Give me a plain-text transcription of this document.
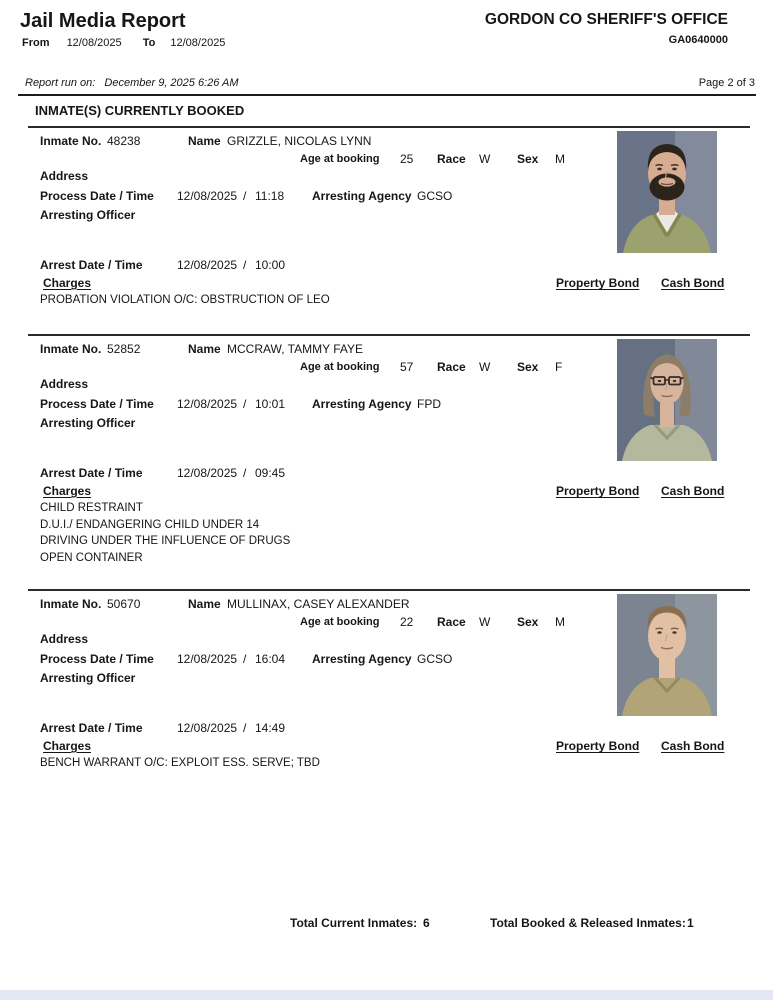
Jail Media Report
From 12/08/2025 To 12/08/2025
GORDON CO SHERIFF'S OFFICE
GA0640000
Report run on: December 9, 2025 6:26 AM	Page 2 of 3
INMATE(S) CURRENTLY BOOKED
Inmate No. 48238	Name GRIZZLE, NICOLAS LYNN
Age at booking 25 Race W Sex M
Address
Process Date / Time 12/08/2025 / 11:18 Arresting Agency GCSO
Arresting Officer
Arrest Date / Time	12/08/2025 / 10:00
Charges	Property Bond Cash Bond
PROBATION VIOLATION O/C: OBSTRUCTION OF LEO
Inmate No. 52852	Name MCCRAW, TAMMY FAYE
Age at booking 57 Race W Sex F
Address
Process Date / Time 12/08/2025 / 10:01 Arresting Agency FPD
Arresting Officer
Arrest Date / Time	12/08/2025 / 09:45
Charges	Property Bond Cash Bond
CHILD RESTRAINT
D.U.I./ ENDANGERING CHILD UNDER 14
DRIVING UNDER THE INFLUENCE OF DRUGS
OPEN CONTAINER
Inmate No. 50670	Name MULLINAX, CASEY ALEXANDER
Age at booking 22 Race W Sex M
Address
Process Date / Time 12/08/2025 / 16:04 Arresting Agency GCSO
Arresting Officer
Arrest Date / Time	12/08/2025 / 14:49
Charges	Property Bond Cash Bond
BENCH WARRANT O/C: EXPLOIT ESS. SERVE; TBD
Total Current Inmates: 6	Total Booked & Released Inmates: 1
